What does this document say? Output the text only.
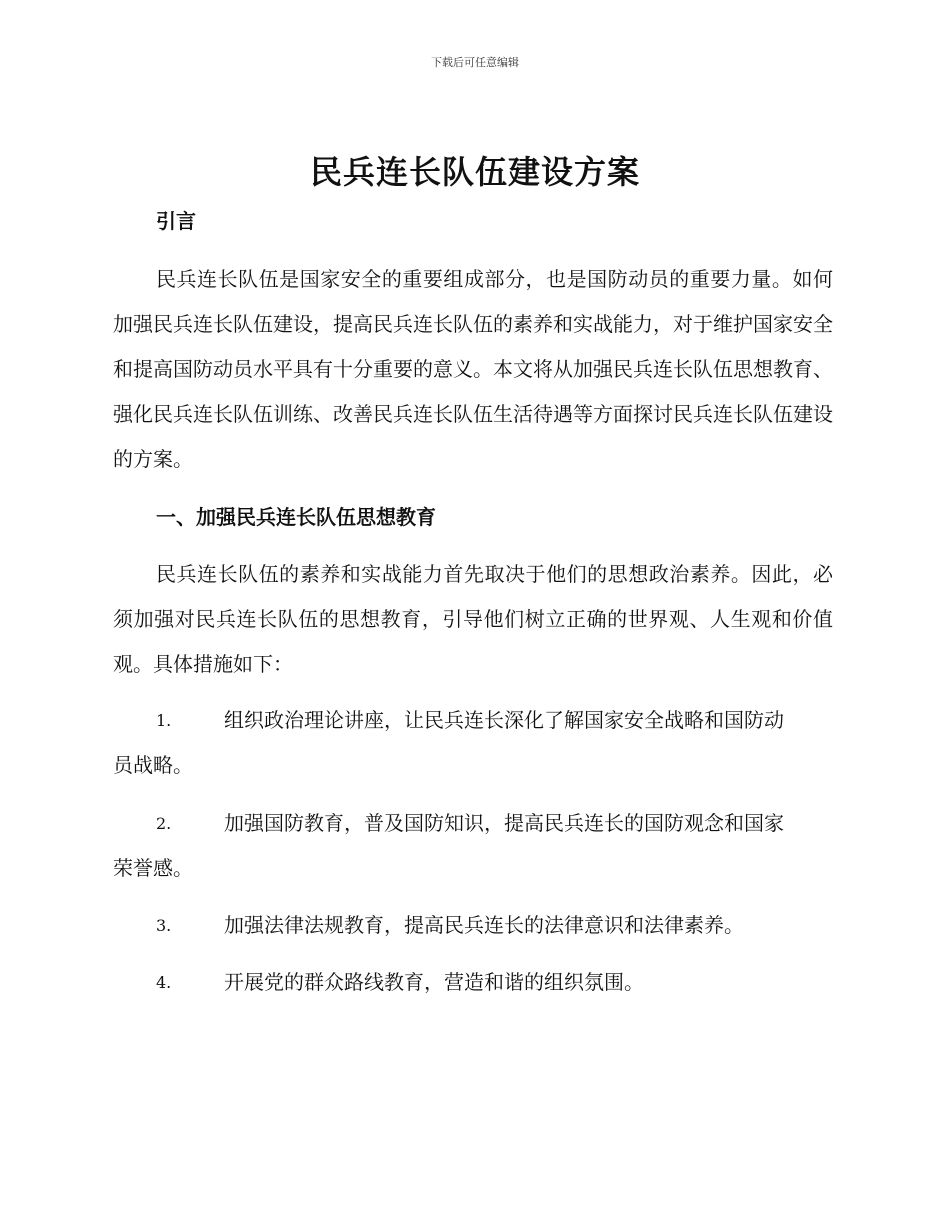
下载后可任意编辑
民兵连长队伍建设方案
引言

民兵连长队伍是国家安全的重要组成部分，也是国防动员的重要力量。如何加强民兵连长队伍建设，提高民兵连长队伍的素养和实战能力，对于维护国家安全和提高国防动员水平具有十分重要的意义。本文将从加强民兵连长队伍思想教育、强化民兵连长队伍训练、改善民兵连长队伍生活待遇等方面探讨民兵连长队伍建设的方案。

一、加强民兵连长队伍思想教育

民兵连长队伍的素养和实战能力首先取决于他们的思想政治素养。因此，必须加强对民兵连长队伍的思想教育，引导他们树立正确的世界观、人生观和价值观。具体措施如下：

1.	组织政治理论讲座，让民兵连长深化了解国家安全战略和国防动
员战略。
2.	加强国防教育，普及国防知识，提高民兵连长的国防观念和国家
荣誉感。
3.	加强法律法规教育，提高民兵连长的法律意识和法律素养。
4.	开展党的群众路线教育，营造和谐的组织氛围。
